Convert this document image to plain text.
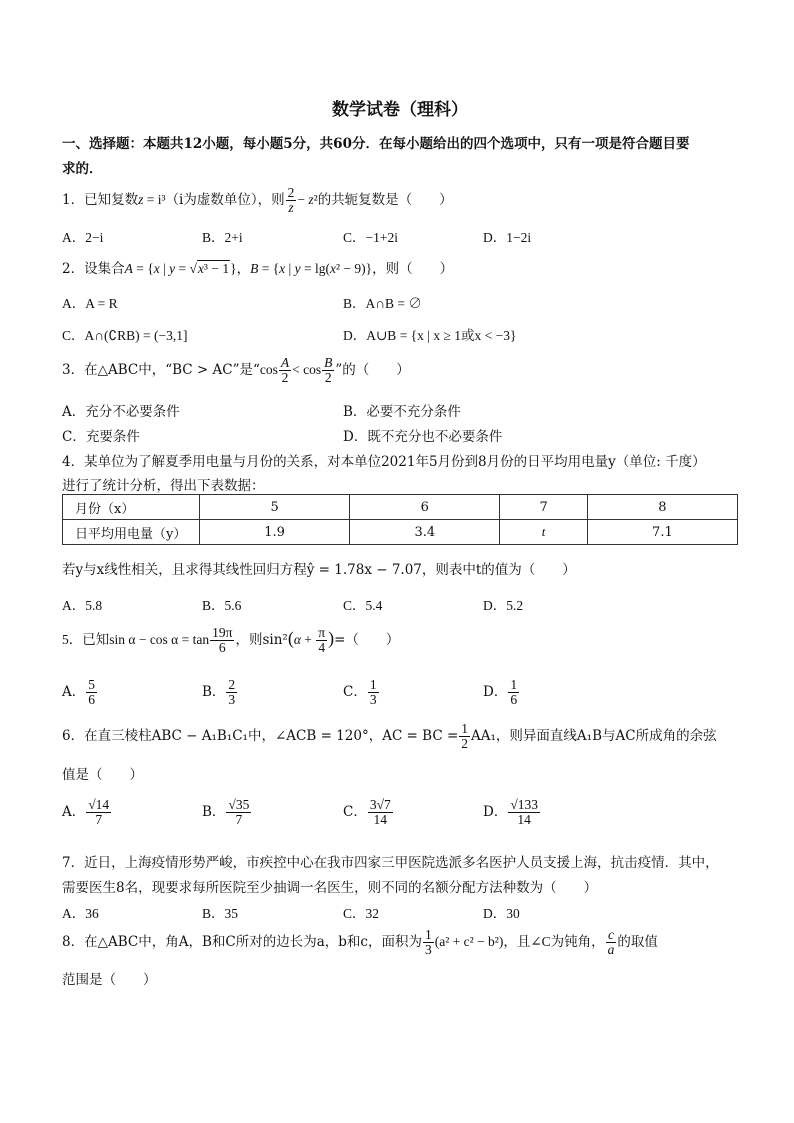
数学试卷（理科）
一、选择题：本题共12小题，每小题5分，共60分．在每小题给出的四个选项中，只有一项是符合题目要
求的．
1．已知复数z = i³（i为虚数单位），则 $\frac{2}{z} - z^2$的共轭复数是（　　）
A．2−i	B．2+i	C．−1+2i	D．1−2i
2．设集合A = {x | y = √x³ − 1}，B = {x | y = lg(x² − 9)}，则（　　）
A．A = R	B．A∩B = ∅
C．A∩(∁RB) = (−3,1]	D．A∪B = {x | x ≥ 1或x < −3}
3．在△ABC中，“BC > AC”是“$\cos \frac{A}{2} < \cos \frac{B}{2}$ ”的（　　）
A．充分不必要条件	B．必要不充分条件
C．充要条件	D．既不充分也不必要条件
4．某单位为了解夏季用电量与月份的关系，对本单位2021年5月份到8月份的日平均用电量y（单位: 千度）
进行了统计分析，得出下表数据：
月份（x）	5	6	7	8
日平均用电量（y）	1.9	3.4	t	7.1
若y与x线性相关，且求得其线性回归方程ŷ = 1.78x − 7.07，则表中t的值为（　　）
A．5.8	B．5.6	C．5.4	D．5.2
5．已知$\sin \alpha - \cos \alpha = \tan \frac{19\pi}{6}$ ，则$\sin^2(\alpha + \frac{\pi}{4}$ )=（　　）
A． $\frac{5}{6}$	B． $\frac{2}{3}$	C． $\frac{1}{3}$	D． $\frac{1}{6}$
6．在直三棱柱ABC − A₁B₁C₁中，∠ACB = 120°，AC = BC = $\frac{1}{2} AA_1$，则异面直线A₁B与AC所成角的余弦
值是（　　）
A． $\frac{√14}{7}$	B． $\frac{√35}{7}$	C． $\frac{3√7}{14}$	D． $\frac{√133}{14}$
7．近日，上海疫情形势严峻，市疾控中心在我市四家三甲医院选派多名医护人员支援上海，抗击疫情．其中，
需要医生8名，现要求每所医院至少抽调一名医生，则不同的名额分配方法种数为（　　）
A．36	B．35	C．32	D．30
8．在△ABC中，角A，B和C所对的边长为a，b和c，面积为 $\frac{1}{3} (a^2 + c^2 - b^2)$，且∠C为钝角， $\frac{c}{a}$ 的取值
范围是（　　）
